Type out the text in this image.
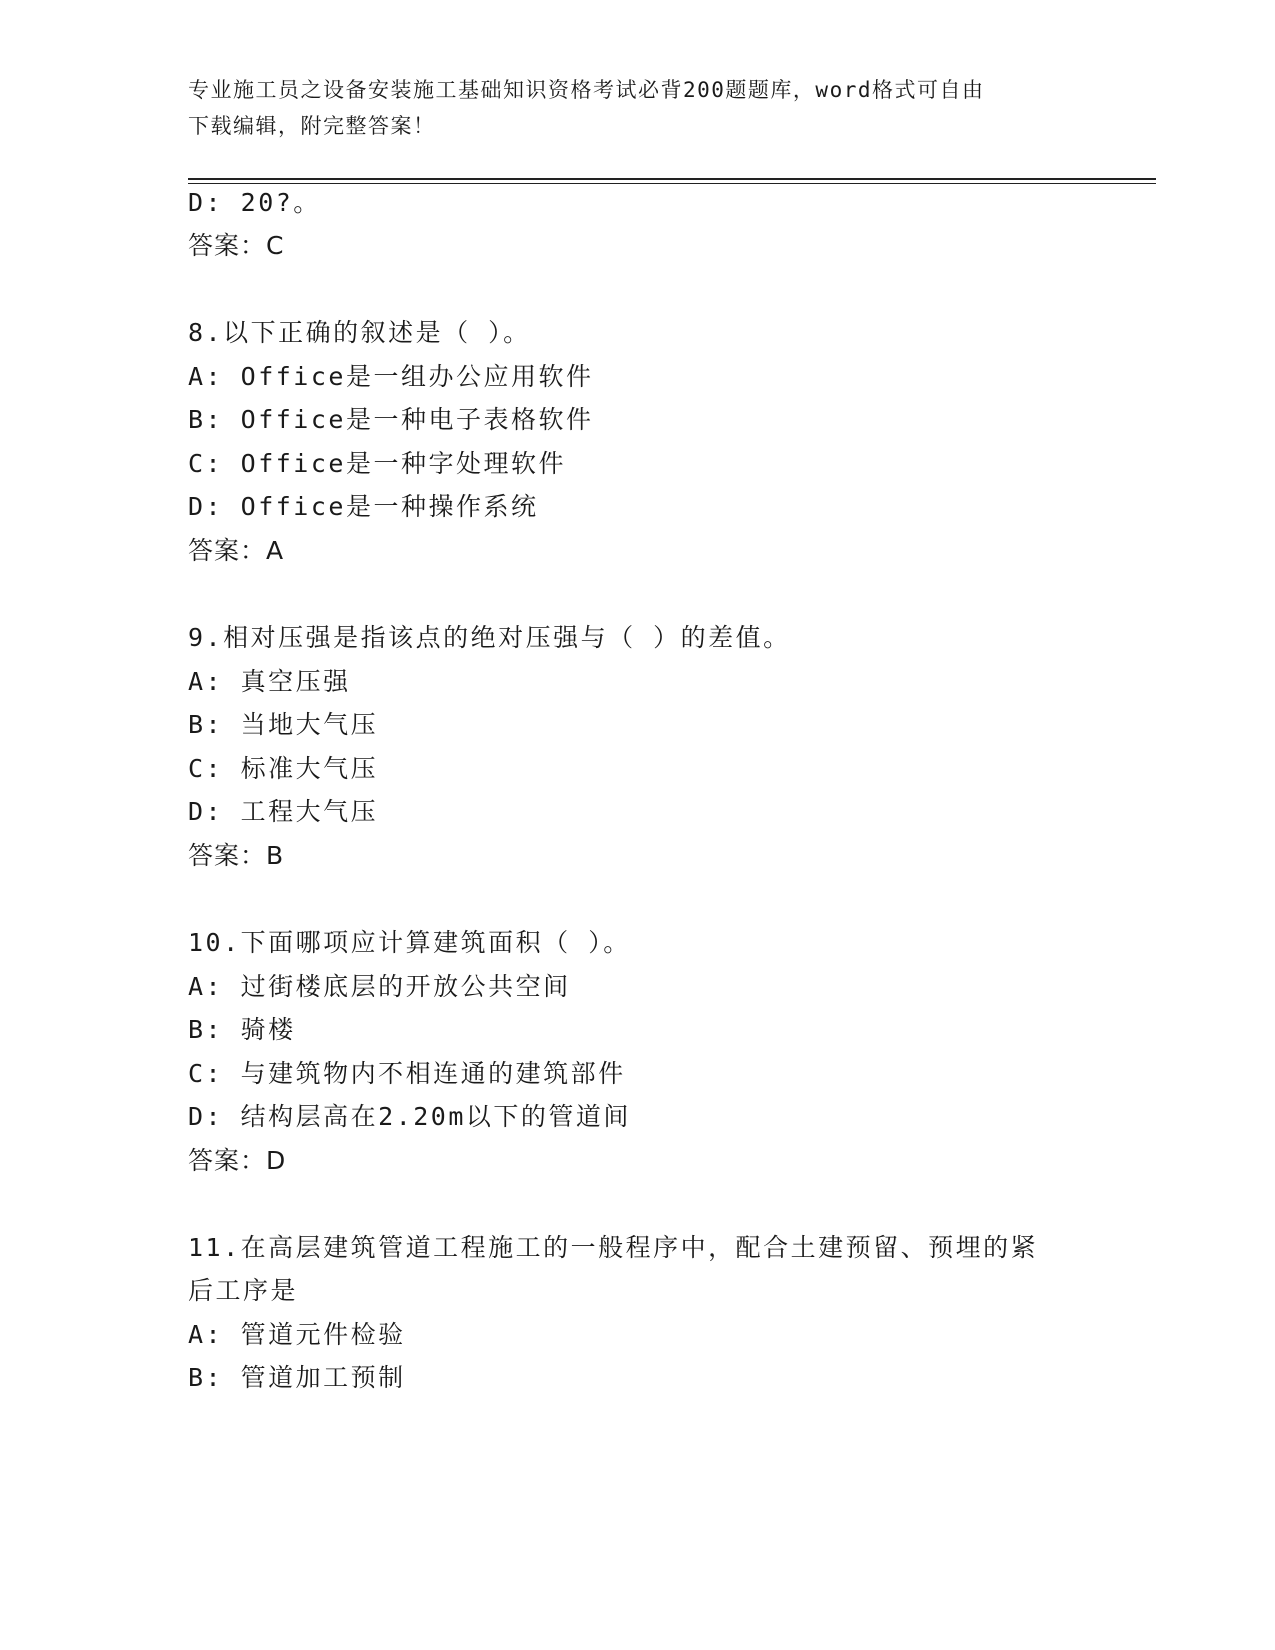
专业施工员之设备安装施工基础知识资格考试必背200题题库，word格式可自由
下载编辑，附完整答案！
D: 20?。
答案：C
8.以下正确的叙述是（ ）。
A: Office是一组办公应用软件
B: Office是一种电子表格软件
C: Office是一种字处理软件
D: Office是一种操作系统
答案：A
9.相对压强是指该点的绝对压强与（ ）的差值。
A: 真空压强
B: 当地大气压
C: 标准大气压
D: 工程大气压
答案：B
10.下面哪项应计算建筑面积（ ）。
A: 过街楼底层的开放公共空间
B: 骑楼
C: 与建筑物内不相连通的建筑部件
D: 结构层高在2.20m以下的管道间
答案：D
11.在高层建筑管道工程施工的一般程序中，配合土建预留、预埋的紧
后工序是
A: 管道元件检验
B: 管道加工预制
